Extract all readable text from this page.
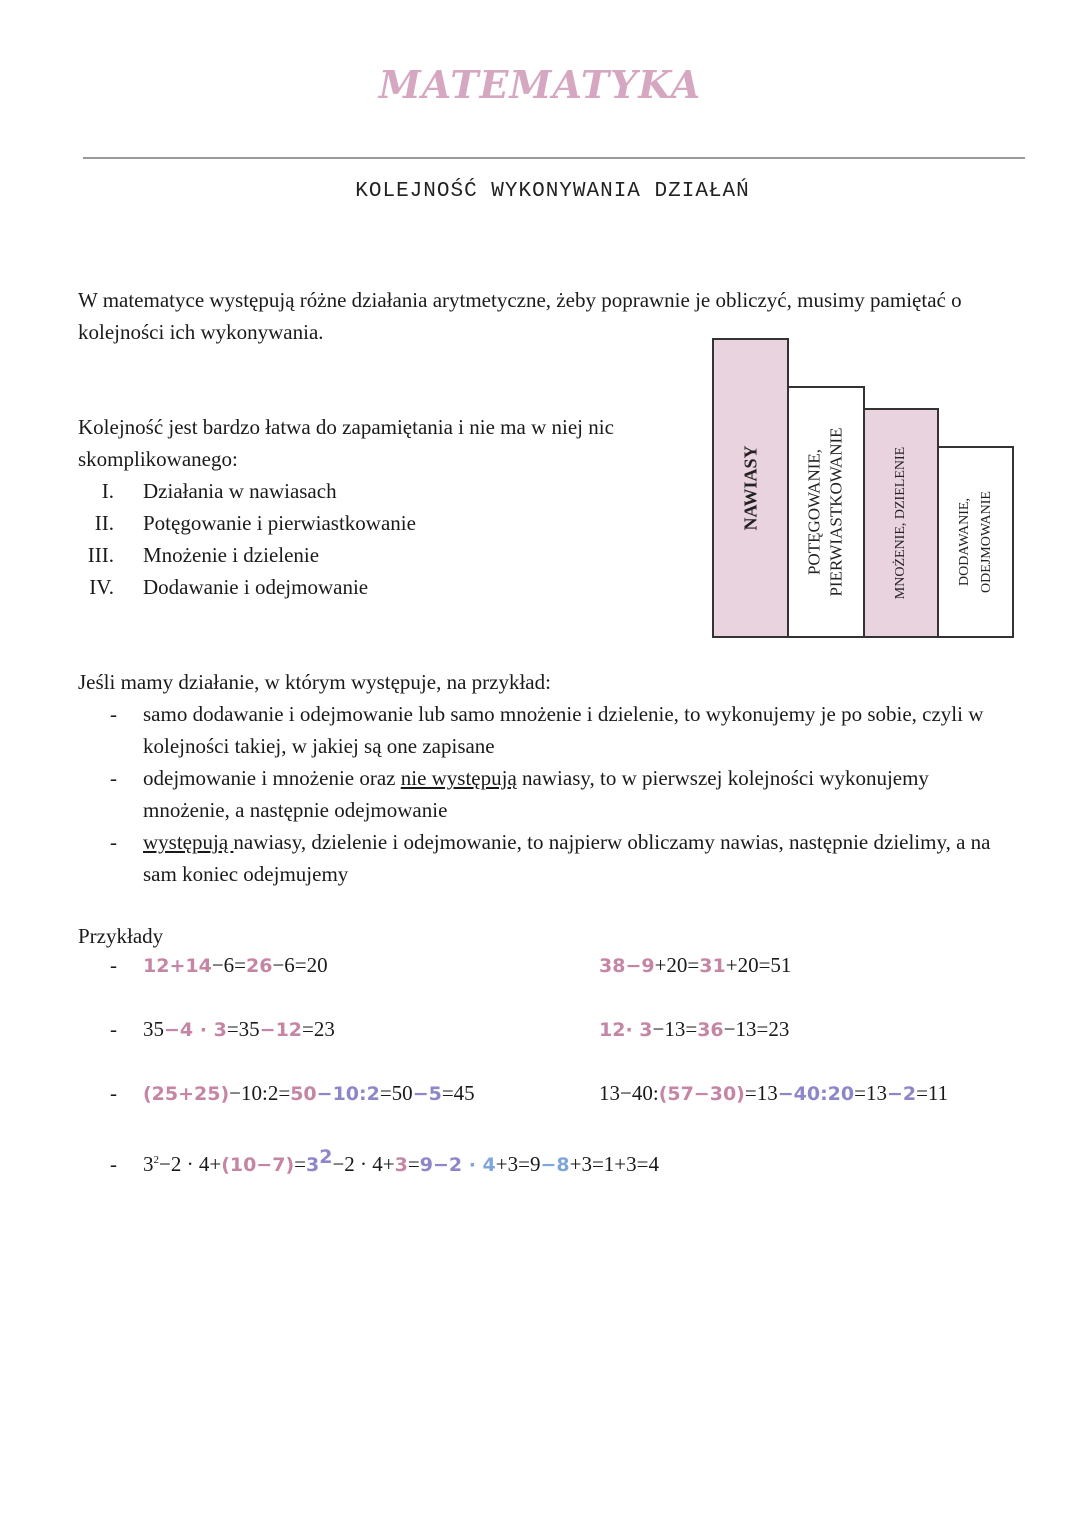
MATEMATYKA
KOLEJNOŚĆ WYKONYWANIA DZIAŁAŃ
W matematyce występują różne działania arytmetyczne, żeby poprawnie je obliczyć, musimy pamiętać o kolejności ich wykonywania.
Kolejność jest bardzo łatwa do zapamiętania i nie ma w niej nic skomplikowanego:
I. Działania w nawiasach
II. Potęgowanie i pierwiastkowanie
III. Mnożenie i dzielenie
IV. Dodawanie i odejmowanie
NAWIASY	POTĘGOWANIE, PIERWIASTKOWANIE	MNOŻENIE, DZIELENIE	DODAWANIE, ODEJMOWANIE
Jeśli mamy działanie, w którym występuje, na przykład:
-	samo dodawanie i odejmowanie lub samo mnożenie i dzielenie, to wykonujemy je po sobie, czyli w kolejności takiej, w jakiej są one zapisane
-	odejmowanie i mnożenie oraz nie występują nawiasy, to w pierwszej kolejności wykonujemy mnożenie, a następnie odejmowanie
-	występują nawiasy, dzielenie i odejmowanie, to najpierw obliczamy nawias, następnie dzielimy, a na sam koniec odejmujemy
Przykłady
- 12+14−6=26−6=20	38−9+20=31+20=51
- 35−4 · 3=35−12=23	12· 3−13=36−13=23
- (25+25)−10:2=50−10:2=50−5=45	13−40:(57−30)=13−40:20=13−2=11
- $3^2-2 \cdot 4+(10-7)=3^2-2 \cdot 4+3=9-2 \cdot 4+3=9-8+3=1+3=4$
